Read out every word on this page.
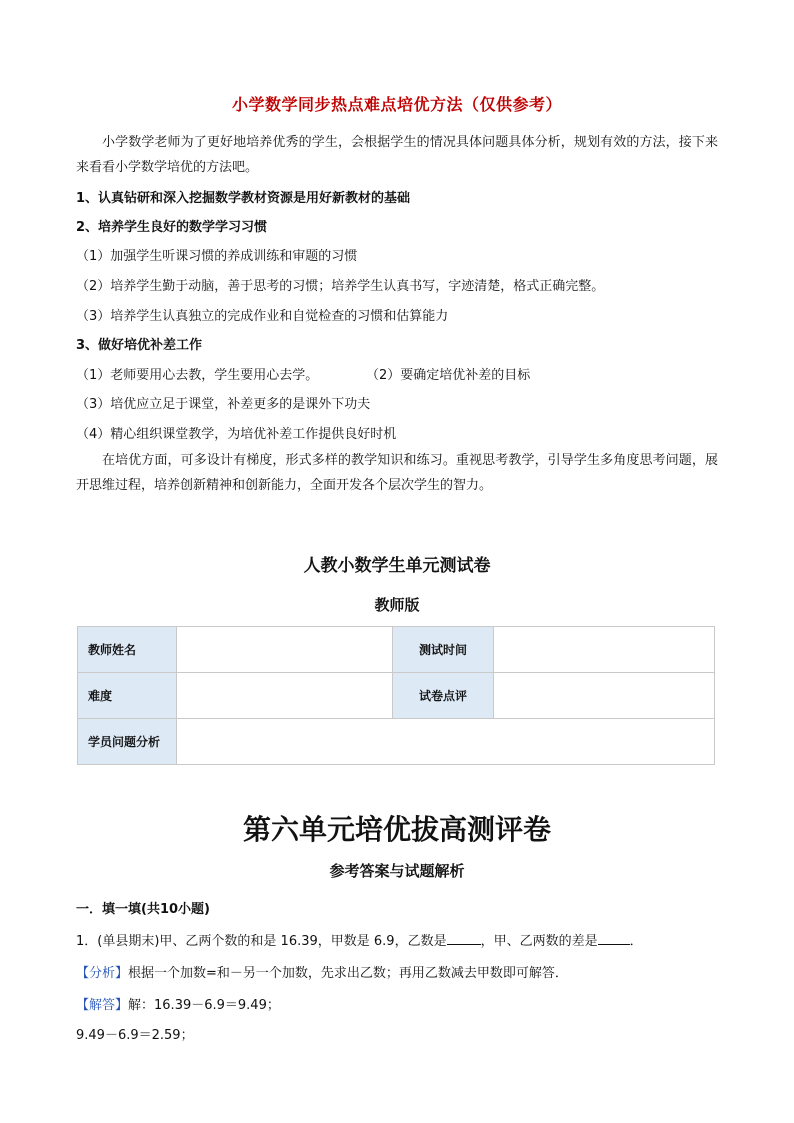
小学数学同步热点难点培优方法（仅供参考）
小学数学老师为了更好地培养优秀的学生，会根据学生的情况具体问题具体分析，规划有效的方法，接下来来看看小学数学培优的方法吧。
1、认真钻研和深入挖掘数学教材资源是用好新教材的基础
2、培养学生良好的数学学习习惯
（1）加强学生听课习惯的养成训练和审题的习惯
（2）培养学生勤于动脑，善于思考的习惯；培养学生认真书写，字迹清楚，格式正确完整。
（3）培养学生认真独立的完成作业和自觉检查的习惯和估算能力
3、做好培优补差工作
（1）老师要用心去教，学生要用心去学。	（2）要确定培优补差的目标
（3）培优应立足于课堂，补差更多的是课外下功夫
（4）精心组织课堂教学，为培优补差工作提供良好时机
在培优方面，可多设计有梯度，形式多样的教学知识和练习。重视思考教学，引导学生多角度思考问题，展开思维过程，培养创新精神和创新能力，全面开发各个层次学生的智力。
人教小数学生单元测试卷
教师版
教师姓名		测试时间	
难度		试卷点评	
学员问题分析			
第六单元培优拔高测评卷
参考答案与试题解析
一．填一填(共10小题)
1．(单县期末)甲、乙两个数的和是 16.39，甲数是 6.9，乙数是	，甲、乙两数的差是 ．
【分析】根据一个加数=和－另一个加数，先求出乙数；再用乙数减去甲数即可解答．
【解答】解：16.39－6.9＝9.49；
9.49－6.9＝2.59；
